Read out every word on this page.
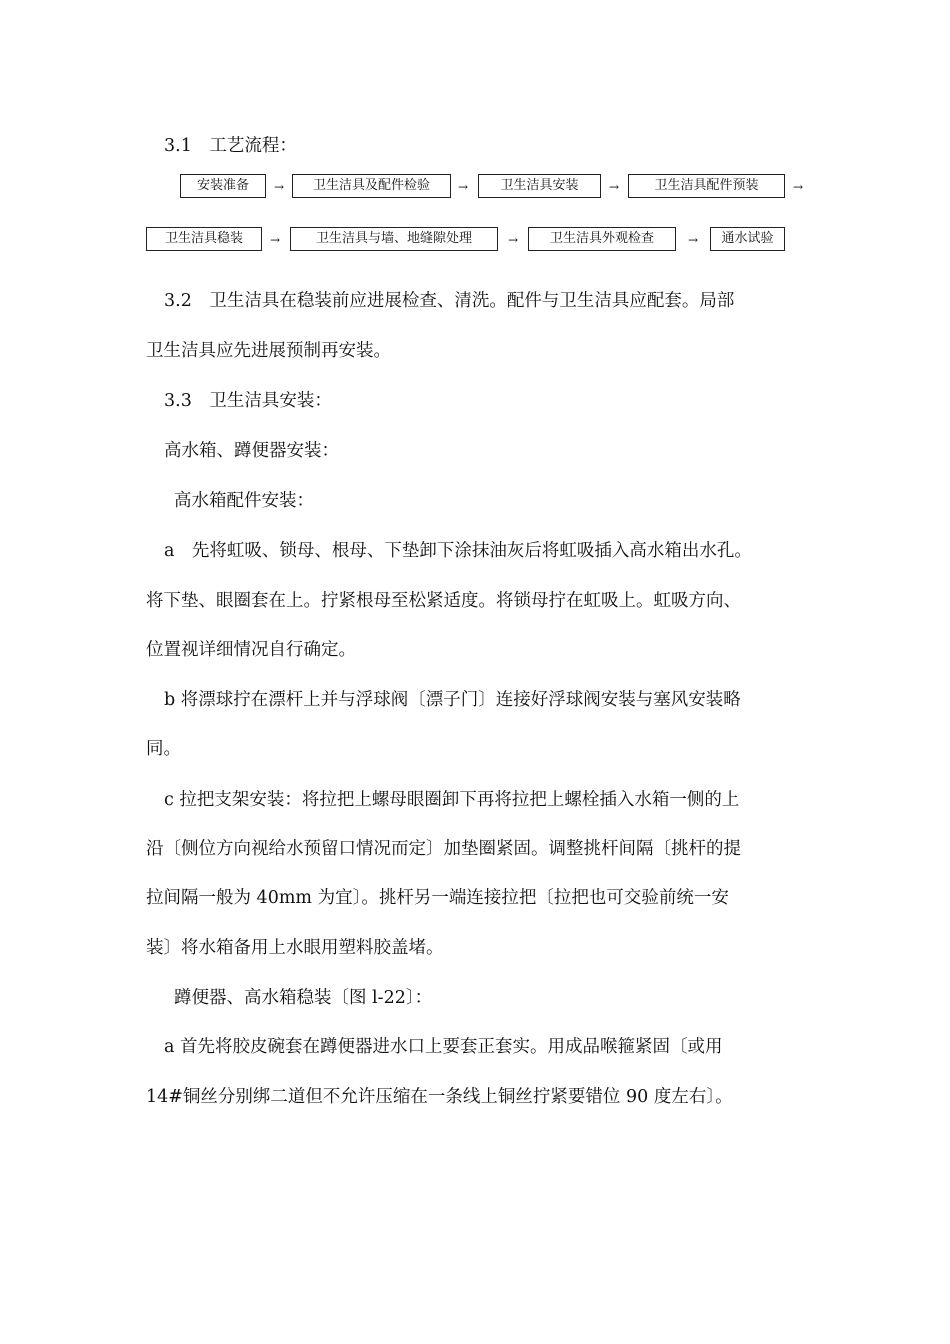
3.1　工艺流程：
安装准备	→	卫生洁具及配件检验	→	卫生洁具安装	→	卫生洁具配件预装	→
卫生洁具稳装	→	卫生洁具与墙、地缝隙处理	→	卫生洁具外观检查	→	通水试验
3.2　卫生洁具在稳装前应进展检查、清洗。配件与卫生洁具应配套。局部
卫生洁具应先进展预制再安装。
3.3　卫生洁具安装：
高水箱、蹲便器安装：
高水箱配件安装：
a　先将虹吸、锁母、根母、下垫卸下涂抹油灰后将虹吸插入高水箱出水孔。
将下垫、眼圈套在上。拧紧根母至松紧适度。将锁母拧在虹吸上。虹吸方向、
位置视详细情况自行确定。
b 将漂球拧在漂杆上并与浮球阀〔漂子门〕连接好浮球阀安装与塞风安装略
同。
c 拉把支架安装：将拉把上螺母眼圈卸下再将拉把上螺栓插入水箱一侧的上
沿〔侧位方向视给水预留口情况而定〕加垫圈紧固。调整挑杆间隔〔挑杆的提
拉间隔一般为 40mm 为宜〕。挑杆另一端连接拉把〔拉把也可交验前统一安
装〕将水箱备用上水眼用塑料胶盖堵。
蹲便器、高水箱稳装〔图 l-22〕：
a 首先将胶皮碗套在蹲便器进水口上要套正套实。用成品喉箍紧固〔或用
14#铜丝分别绑二道但不允许压缩在一条线上铜丝拧紧要错位 90 度左右〕。
